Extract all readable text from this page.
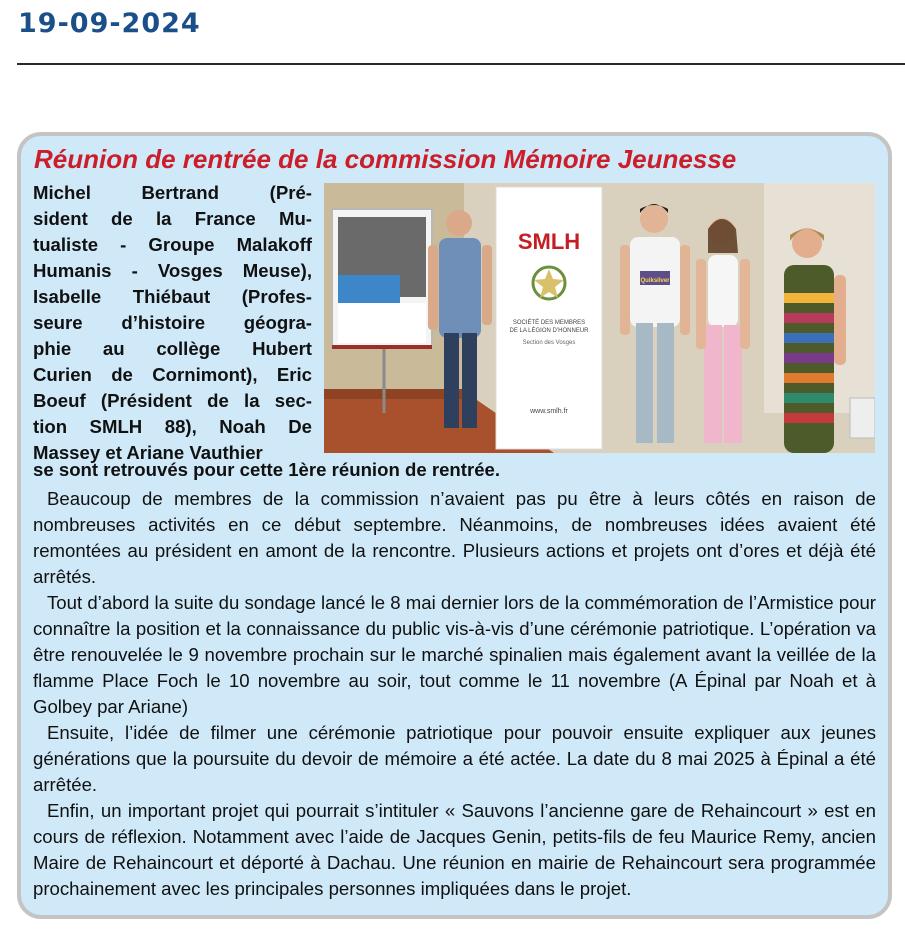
19-09-2024
Réunion de rentrée de la commission Mémoire Jeunesse

Michel Bertrand (Pré-

sident de la France Mu-

tualiste - Groupe Malakoff

Humanis - Vosges Meuse),

Isabelle Thiébaut (Profes-

seure d’histoire géogra-

phie au collège Hubert

Curien de Cornimont), Eric

Boeuf (Président de la sec-

tion SMLH 88), Noah De

Massey et Ariane Vauthier

se sont retrouvés pour cette 1ère réunion de rentrée.
SMLH
SOCIÉTÉ DES MEMBRES
DE LA LÉGION D’HONNEUR
Section des Vosges
www.smlh.fr
Quiksilver

Beaucoup de membres de la commission n’avaient pas pu être à leurs côtés en raison de nombreuses activités en ce début septembre. Néanmoins, de nombreuses idées avaient été remontées au président en amont de la rencontre. Plusieurs actions et projets ont d’ores et déjà été arrêtés.

Tout d’abord la suite du sondage lancé le 8 mai dernier lors de la commémoration de l’Armistice pour connaître la position et la connaissance du public vis-à-vis d’une cérémonie patriotique. L’opération va être renouvelée le 9 novembre prochain sur le marché spinalien mais également avant la veillée de la flamme Place Foch le 10 novembre au soir, tout comme le 11 novembre (A Épinal par Noah et à Golbey par Ariane)

Ensuite, l’idée de filmer une cérémonie patriotique pour pouvoir ensuite expliquer aux jeunes générations que la poursuite du devoir de mémoire a été actée. La date du 8 mai 2025 à Épinal a été arrêtée.

Enfin, un important projet qui pourrait s’intituler « Sauvons l’ancienne gare de Rehaincourt » est en cours de réflexion. Notamment avec l’aide de Jacques Genin, petits-fils de feu Maurice Remy, ancien Maire de Rehaincourt et déporté à Dachau. Une réunion en mairie de Rehaincourt sera programmée prochainement avec les principales personnes impliquées dans le projet.
